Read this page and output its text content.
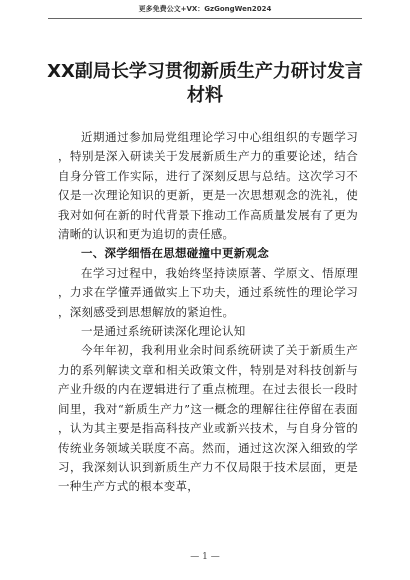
更多免费公文+VX：GzGongWen2024
XX副局长学习贯彻新质生产力研讨发言材料

近期通过参加局党组理论学习中心组组织的专题学习，特别是深入研读关于发展新质生产力的重要论述，结合自身分管工作实际，进行了深刻反思与总结。这次学习不仅是一次理论知识的更新，更是一次思想观念的洗礼，使我对如何在新的时代背景下推动工作高质量发展有了更为清晰的认识和更为追切的责任感。

一、深学细悟在思想碰撞中更新观念

在学习过程中，我始终坚持读原著、学原文、悟原理，力求在学懂弄通做实上下功夫，通过系统性的理论学习，深刻感受到思想解放的紧迫性。

一是通过系统研读深化理论认知

今年年初，我利用业余时间系统研读了关于新质生产力的系列解读文章和相关政策文件，特别是对科技创新与产业升级的内在逻辑进行了重点梳理。在过去很长一段时间里，我对“新质生产力”这一概念的理解往往停留在表面，认为其主要是指高科技产业或新兴技术，与自身分管的传统业务领域关联度不高。然而，通过这次深入细致的学习，我深刻认识到新质生产力不仅局限于技术层面，更是一种生产方式的根本变革，

— 1 —
